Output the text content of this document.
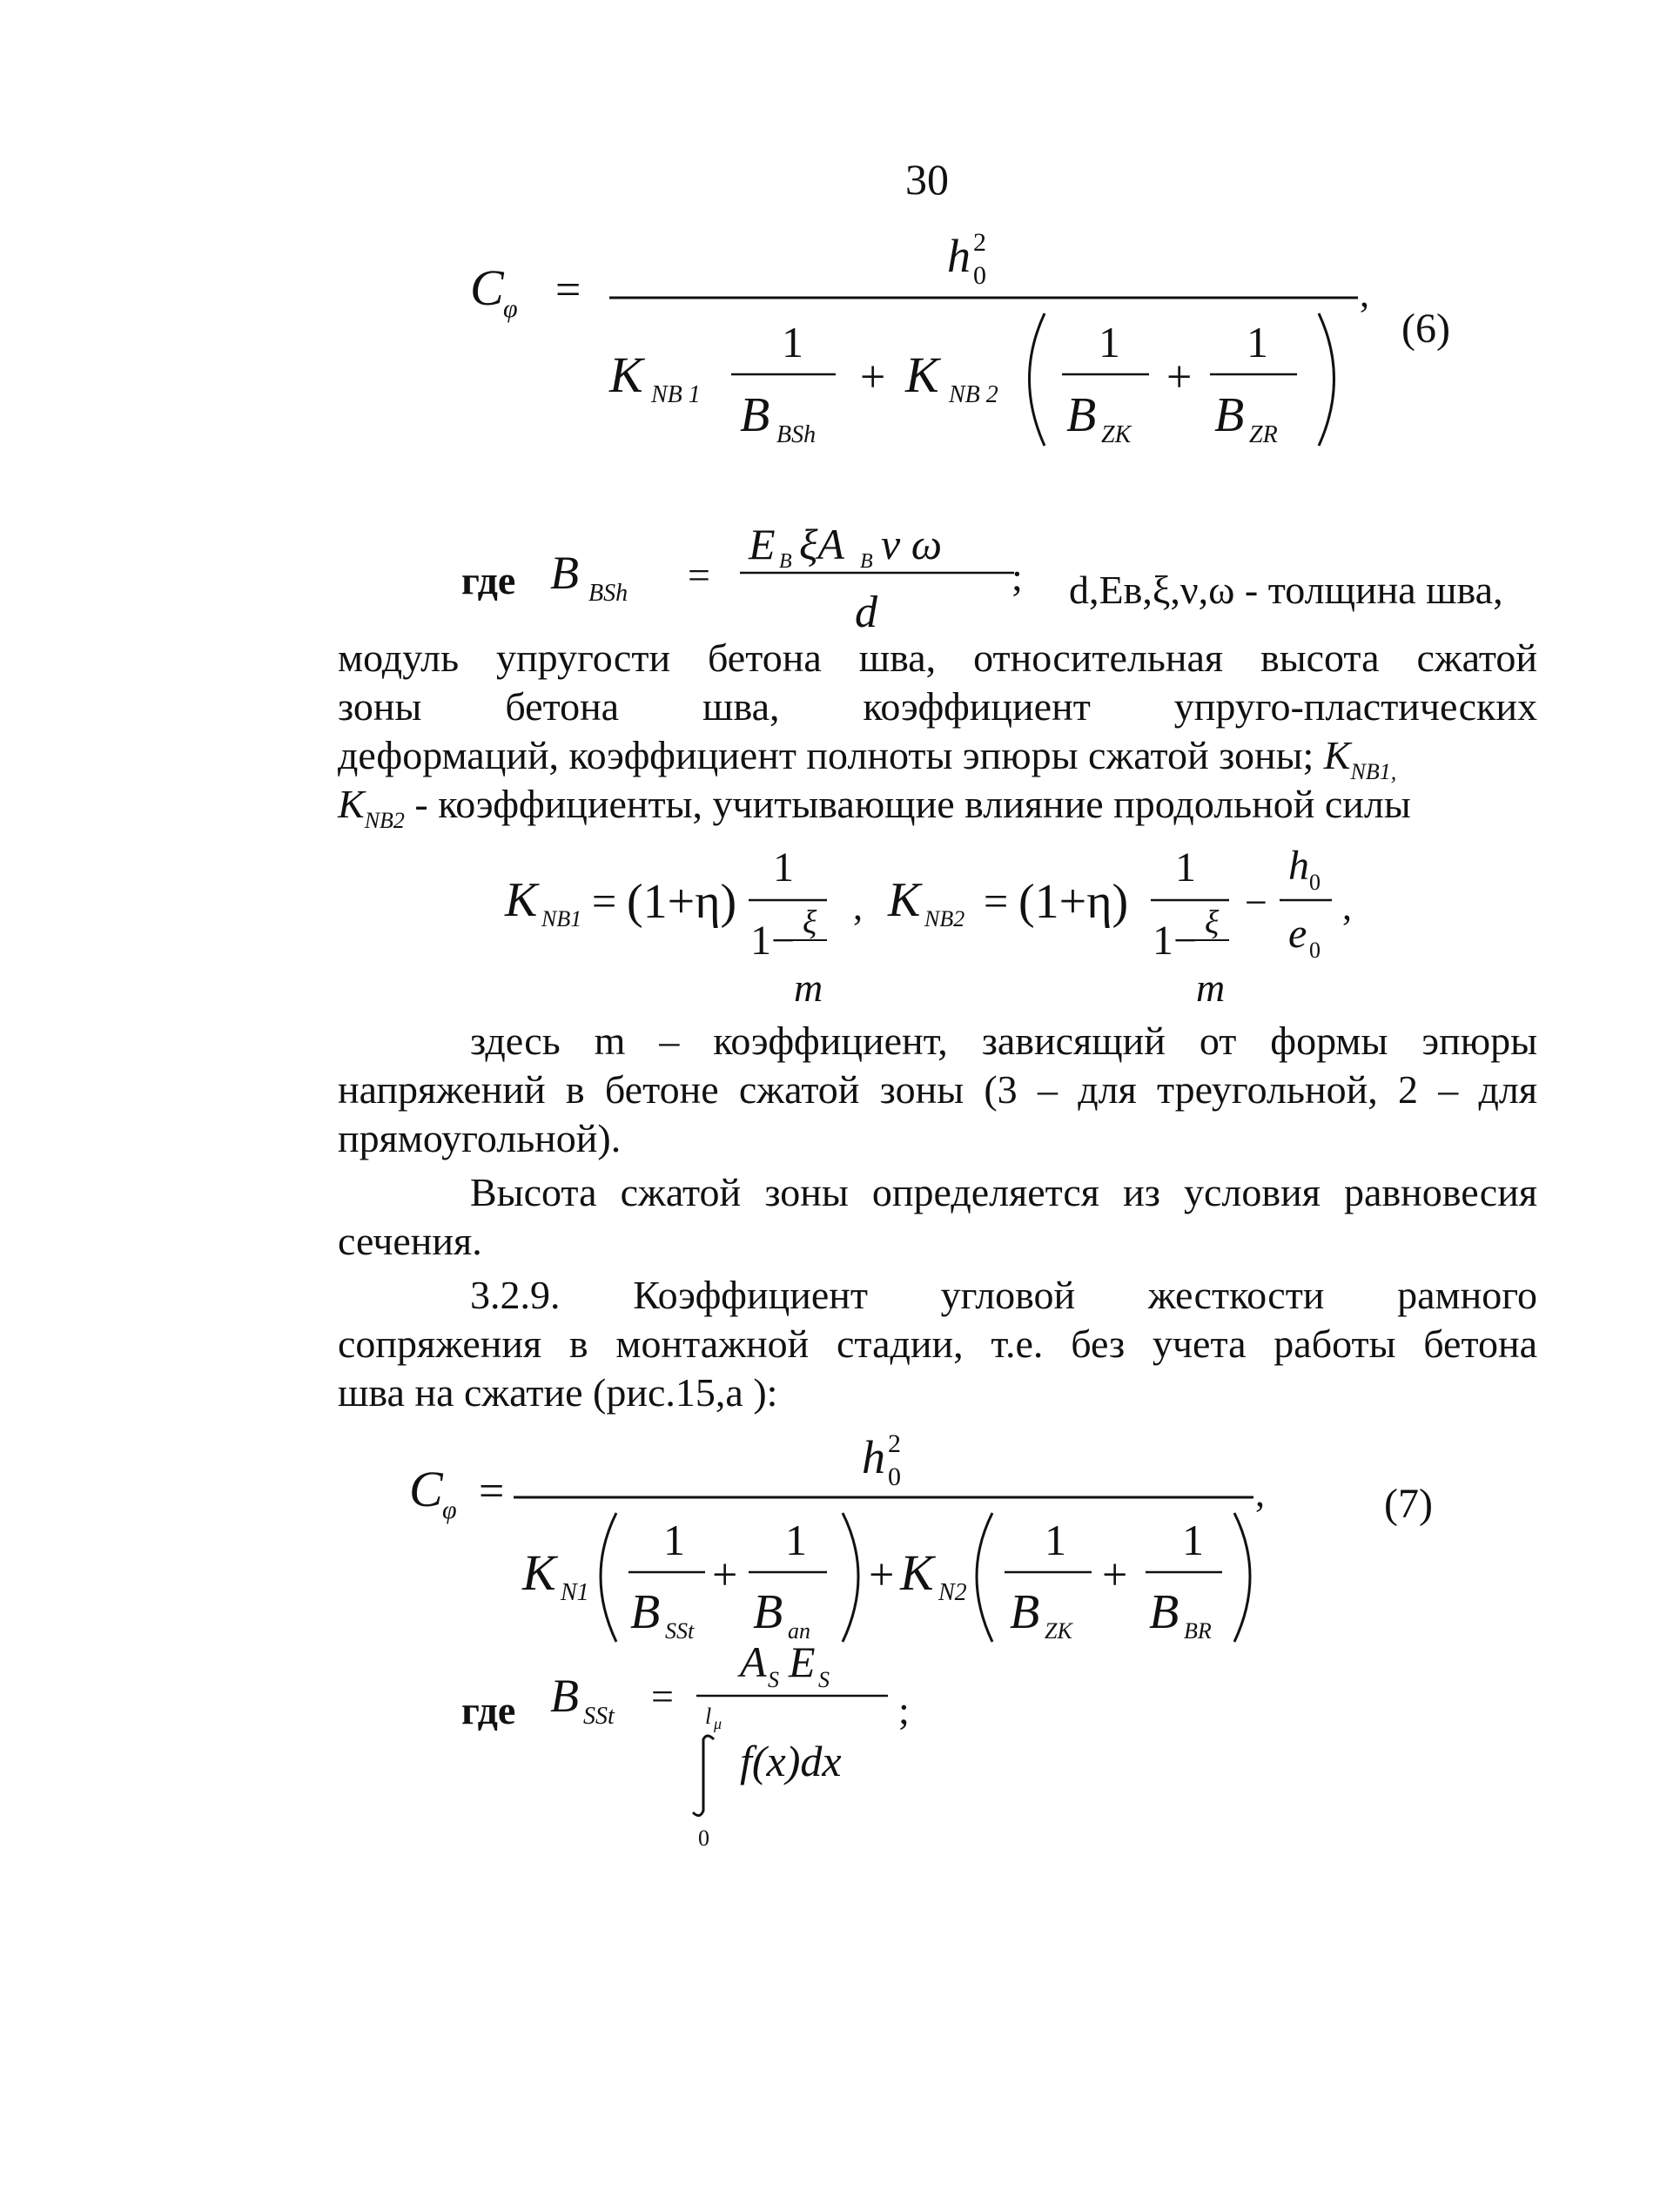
30
C φ =
h 2
0	,
K NB 1
1
B BSh
+ K NB 2
1
B ZK
+
1
B ZR
(6)
где B BSh =
E B ξA B ν ω
d
; d,Eв,ξ,ν,ω - толщина шва,
модуль упругости бетона шва, относительная высота сжатой
зоны бетона шва, коэффициент упруго-пластических
деформаций, коэффициент полноты эпюры сжатой зоны; $K_{NB1,}$
$K_{NB2}$ - коэффициенты, учитывающие влияние продольной силы
K NB1 = (1+η)
1
1− ξ
m
, K NB2 = (1+η)
1
1− ξ
m
−
h 0
e 0
,
здесь m – коэффициент, зависящий от формы эпюры
напряжений в бетоне сжатой зоны (3 – для треугольной, 2 – для
прямоугольной).
Высота сжатой зоны определяется из условия равновесия
сечения.
3.2.9. Коэффициент угловой жесткости рамного
сопряжения в монтажной стадии, т.е. без учета работы бетона
шва на сжатие (рис.15,а ):
C φ =
h 2
0	,
K N1
1
B SSt
+
1
B an
+ K N2
1
B ZK
+
1
B BR
(7)
где B SSt =
A S E S
l μ
f(x)dx
0
;
